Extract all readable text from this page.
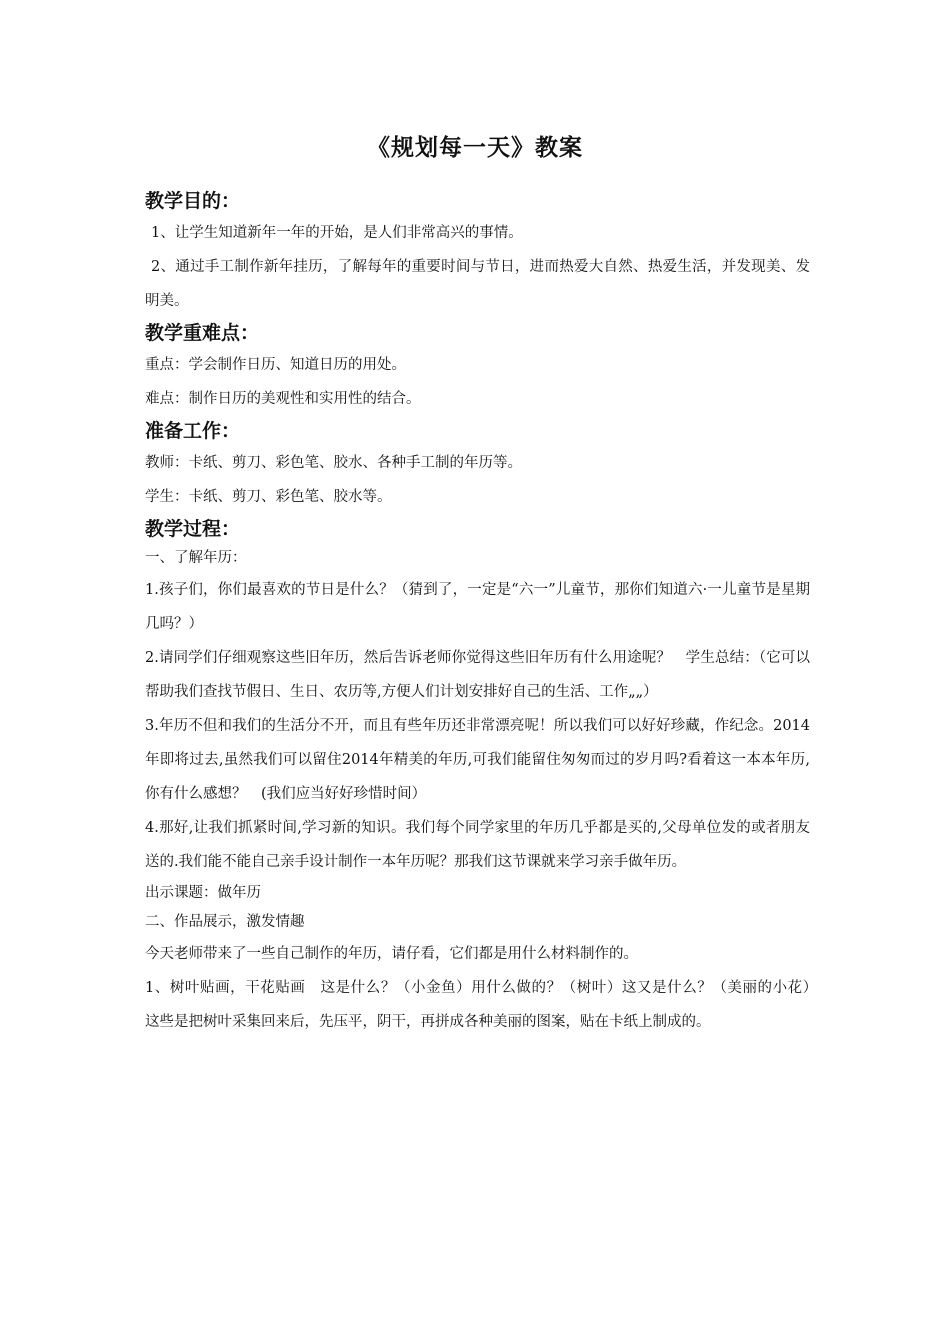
《规划每一天》教案
教学目的：

1、让学生知道新年一年的开始，是人们非常高兴的事情。

2、通过手工制作新年挂历，了解每年的重要时间与节日，进而热爱大自然、热爱生活，并发现美、发明美。

教学重难点：

重点：学会制作日历、知道日历的用处。

难点：制作日历的美观性和实用性的结合。

准备工作：

教师：卡纸、剪刀、彩色笔、胶水、各种手工制的年历等。

学生：卡纸、剪刀、彩色笔、胶水等。

教学过程：

一、了解年历：

1.孩子们，你们最喜欢的节日是什么？（猜到了，一定是“六一”儿童节，那你们知道六·一儿童节是星期几吗？）

2.请同学们仔细观察这些旧年历，然后告诉老师你觉得这些旧年历有什么用途呢？　学生总结：（它可以帮助我们查找节假日、生日、农历等,方便人们计划安排好自己的生活、工作„„）

3.年历不但和我们的生活分不开，而且有些年历还非常漂亮呢！所以我们可以好好珍藏，作纪念。2014年即将过去,虽然我们可以留住2014年精美的年历,可我们能留住匆匆而过的岁月吗?看着这一本本年历,你有什么感想？　(我们应当好好珍惜时间）

4.那好,让我们抓紧时间,学习新的知识。我们每个同学家里的年历几乎都是买的,父母单位发的或者朋友送的.我们能不能自己亲手设计制作一本年历呢？那我们这节课就来学习亲手做年历。

出示课题：做年历

二、作品展示，激发情趣

今天老师带来了一些自己制作的年历，请仔看，它们都是用什么材料制作的。

1、树叶贴画，干花贴画　这是什么？（小金鱼）用什么做的？（树叶）这又是什么？（美丽的小花）　这些是把树叶采集回来后，先压平，阴干，再拼成各种美丽的图案，贴在卡纸上制成的。
